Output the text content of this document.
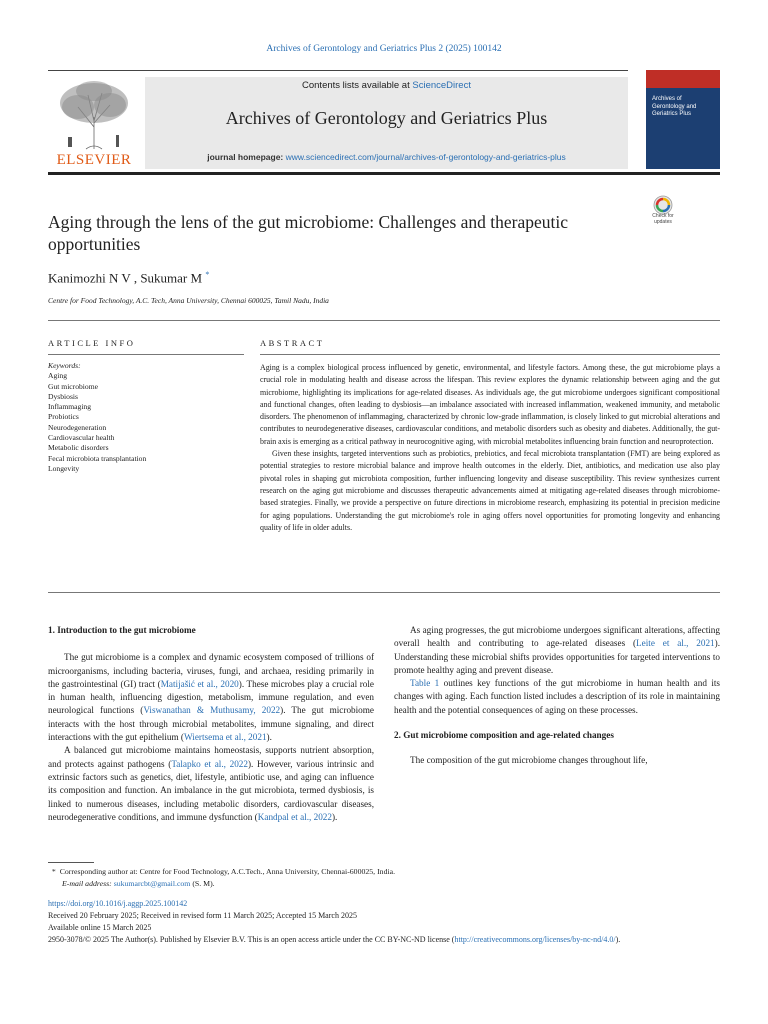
Archives of Gerontology and Geriatrics Plus 2 (2025) 100142
ELSEVIER
Contents lists available at ScienceDirect
Archives of Gerontology and Geriatrics Plus
journal homepage: www.sciencedirect.com/journal/archives-of-gerontology-and-geriatrics-plus
Archives of Gerontology and Geriatrics Plus
Aging through the lens of the gut microbiome: Challenges and therapeutic opportunities
Check for updates
Kanimozhi N V , Sukumar M *
Centre for Food Technology, A.C. Tech, Anna University, Chennai 600025, Tamil Nadu, India
ARTICLE INFO	ABSTRACT
Keywords:
Aging
Gut microbiome
Dysbiosis
Inflammaging
Probiotics
Neurodegeneration
Cardiovascular health
Metabolic disorders
Fecal microbiota transplantation
Longevity

Aging is a complex biological process influenced by genetic, environmental, and lifestyle factors. Among these, the gut microbiome plays a crucial role in modulating health and disease across the lifespan. This review explores the dynamic relationship between aging and the gut microbiome, highlighting its implications for age-related diseases. As individuals age, the gut microbiome undergoes significant compositional and functional changes, often leading to dysbiosis—an imbalance associated with increased inflammation, weakened immunity, and metabolic disorders. The phenomenon of inflammaging, characterized by chronic low-grade inflammation, is closely linked to gut microbial alterations and contributes to neurodegenerative diseases, cardiovascular conditions, and metabolic disorders such as obesity and diabetes. Additionally, the gut-brain axis is emerging as a critical pathway in neurocognitive aging, with microbial metabolites influencing brain function and neuroprotection.

Given these insights, targeted interventions such as probiotics, prebiotics, and fecal microbiota transplantation (FMT) are being explored as potential strategies to restore microbial balance and improve health outcomes in the elderly. Diet, antibiotics, and medication use also play pivotal roles in shaping gut microbiota composition, further influencing longevity and disease susceptibility. This review synthesizes current research on the aging gut microbiome and discusses therapeutic advancements aimed at mitigating age-related diseases through microbiome-based strategies. Finally, we provide a perspective on future directions in microbiome research, emphasizing its potential in precision medicine for aging populations. Understanding the gut microbiome's role in aging offers novel opportunities for promoting longevity and enhancing quality of life in older adults.

1. Introduction to the gut microbiome

The gut microbiome is a complex and dynamic ecosystem composed of trillions of microorganisms, including bacteria, viruses, fungi, and archaea, residing primarily in the gastrointestinal (GI) tract (Matijašić et al., 2020). These microbes play a crucial role in human health, influencing digestion, metabolism, immune regulation, and even neurological functions (Viswanathan & Muthusamy, 2022). The gut microbiome interacts with the host through microbial metabolites, immune signaling, and direct interactions with the gut epithelium (Wiertsema et al., 2021).

A balanced gut microbiome maintains homeostasis, supports nutrient absorption, and protects against pathogens (Talapko et al., 2022). However, various intrinsic and extrinsic factors such as genetics, diet, lifestyle, antibiotic use, and aging can influence its composition and function. An imbalance in the gut microbiota, termed dysbiosis, is linked to numerous diseases, including metabolic disorders, cardiovascular diseases, neurodegenerative conditions, and immune dysfunction (Kandpal et al., 2022).

As aging progresses, the gut microbiome undergoes significant alterations, affecting overall health and contributing to age-related diseases (Leite et al., 2021). Understanding these microbial shifts provides opportunities for targeted interventions to promote healthy aging and prevent disease.

Table 1 outlines key functions of the gut microbiome in human health and its changes with aging. Each function listed includes a description of its role in maintaining health and the potential consequences of aging on these processes.

2. Gut microbiome composition and age-related changes

The composition of the gut microbiome changes throughout life,

*  Corresponding author at: Centre for Food Technology, A.C.Tech., Anna University, Chennai-600025, India.

E-mail address: sukumarcbt@gmail.com (S. M).

https://doi.org/10.1016/j.aggp.2025.100142

Received 20 February 2025; Received in revised form 11 March 2025; Accepted 15 March 2025

Available online 15 March 2025

2950-3078/© 2025 The Author(s). Published by Elsevier B.V. This is an open access article under the CC BY-NC-ND license (http://creativecommons.org/licenses/by-nc-nd/4.0/).
